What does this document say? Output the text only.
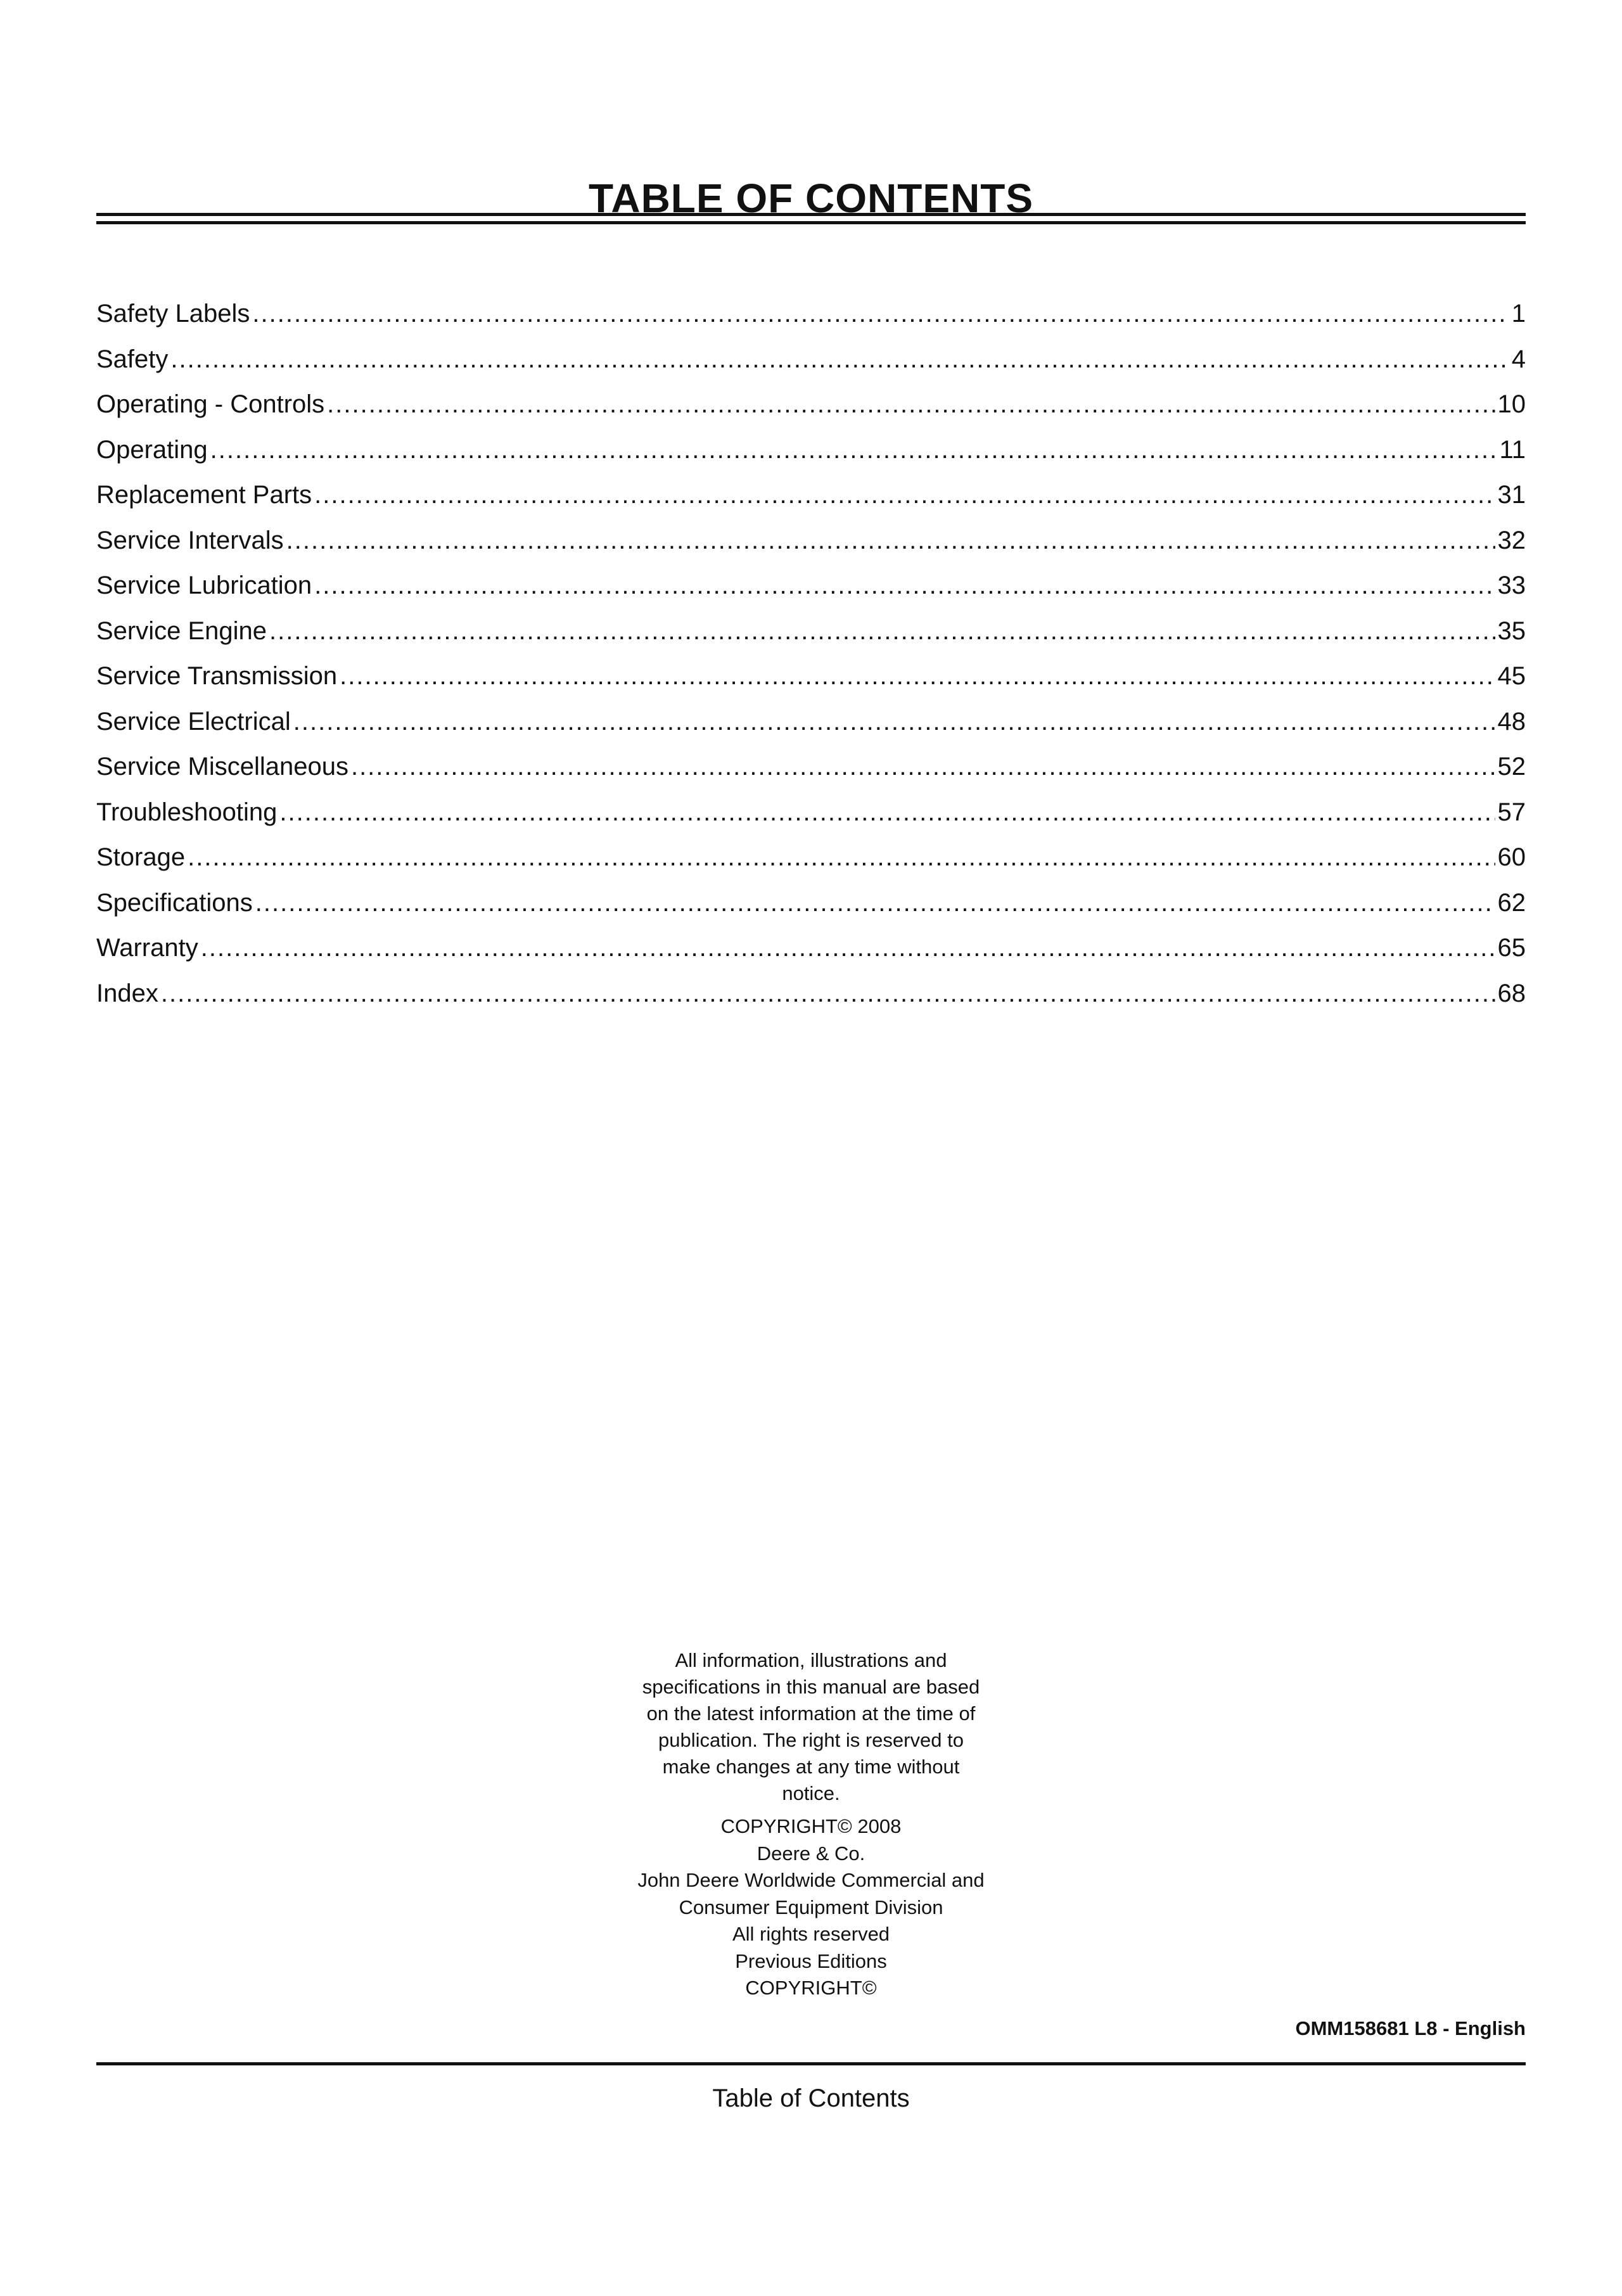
TABLE OF CONTENTS
Safety Labels .....	1
Safety .....	4
Operating - Controls .....	10
Operating .....	11
Replacement Parts .....	31
Service Intervals .....	32
Service Lubrication .....	33
Service Engine .....	35
Service Transmission .....	45
Service Electrical .....	48
Service Miscellaneous .....	52
Troubleshooting .....	57
Storage .....	60
Specifications .....	62
Warranty .....	65
Index .....	68

All information, illustrations and

specifications in this manual are based

on the latest information at the time of

publication. The right is reserved to

make changes at any time without

notice.

COPYRIGHT© 2008
Deere & Co.
John Deere Worldwide Commercial and
Consumer Equipment Division
All rights reserved
Previous Editions
COPYRIGHT©
OMM158681 L8 - English
Table of Contents
